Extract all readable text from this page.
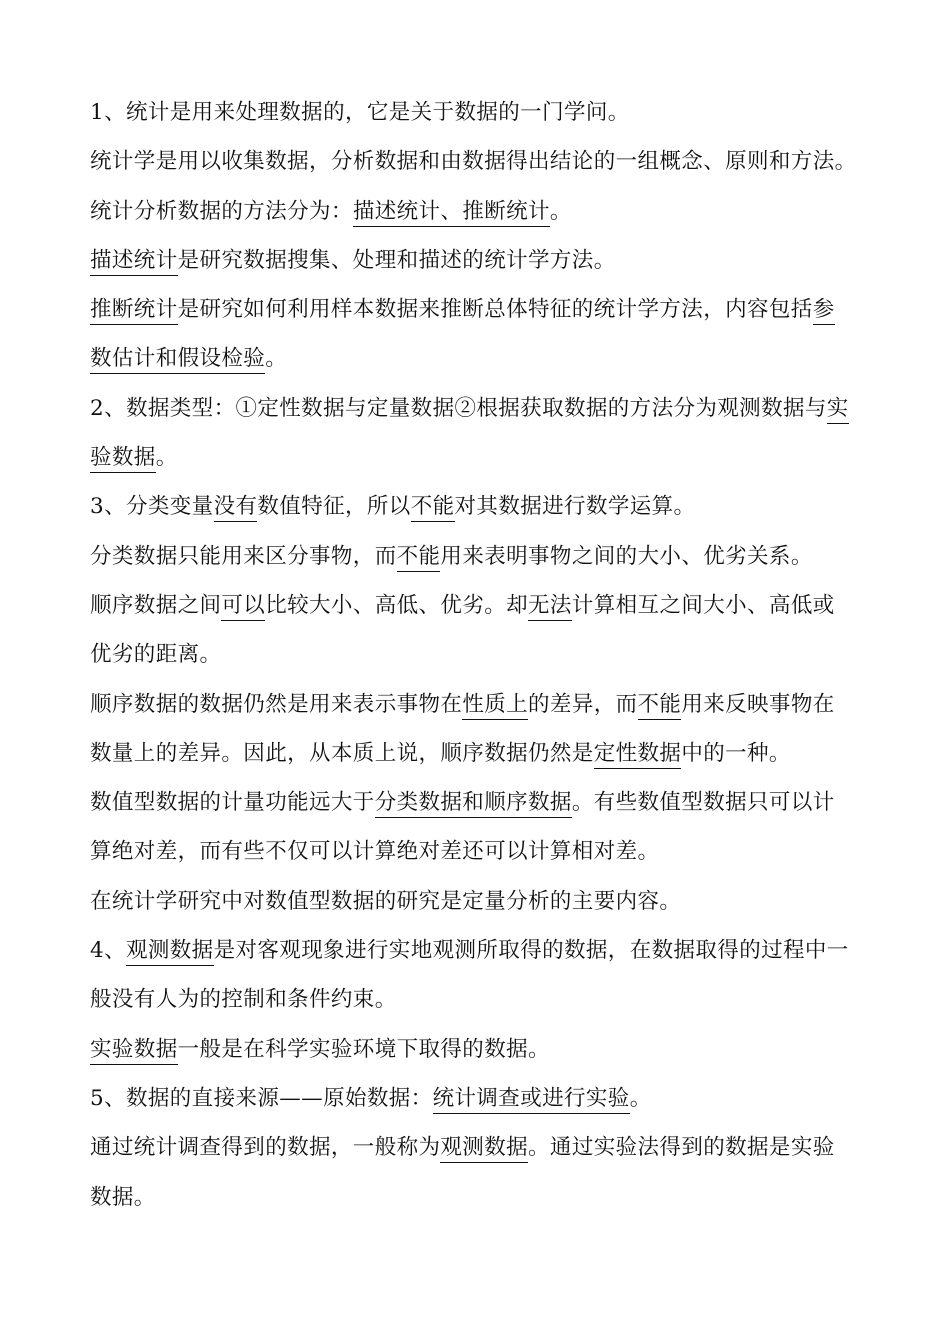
1、统计是用来处理数据的，它是关于数据的一门学问。
统计学是用以收集数据，分析数据和由数据得出结论的一组概念、原则和方法。
统计分析数据的方法分为：描述统计、推断统计。
描述统计是研究数据搜集、处理和描述的统计学方法。
推断统计是研究如何利用样本数据来推断总体特征的统计学方法，内容包括参
数估计和假设检验。
2、数据类型：①定性数据与定量数据②根据获取数据的方法分为观测数据与实
验数据。
3、分类变量没有数值特征，所以不能对其数据进行数学运算。
分类数据只能用来区分事物，而不能用来表明事物之间的大小、优劣关系。
顺序数据之间可以比较大小、高低、优劣。却无法计算相互之间大小、高低或
优劣的距离。
顺序数据的数据仍然是用来表示事物在性质上的差异，而不能用来反映事物在
数量上的差异。因此，从本质上说，顺序数据仍然是定性数据中的一种。
数值型数据的计量功能远大于分类数据和顺序数据。有些数值型数据只可以计
算绝对差，而有些不仅可以计算绝对差还可以计算相对差。
在统计学研究中对数值型数据的研究是定量分析的主要内容。
4、观测数据是对客观现象进行实地观测所取得的数据，在数据取得的过程中一
般没有人为的控制和条件约束。
实验数据一般是在科学实验环境下取得的数据。
5、数据的直接来源——原始数据：统计调查或进行实验。
通过统计调查得到的数据，一般称为观测数据。通过实验法得到的数据是实验
数据。
